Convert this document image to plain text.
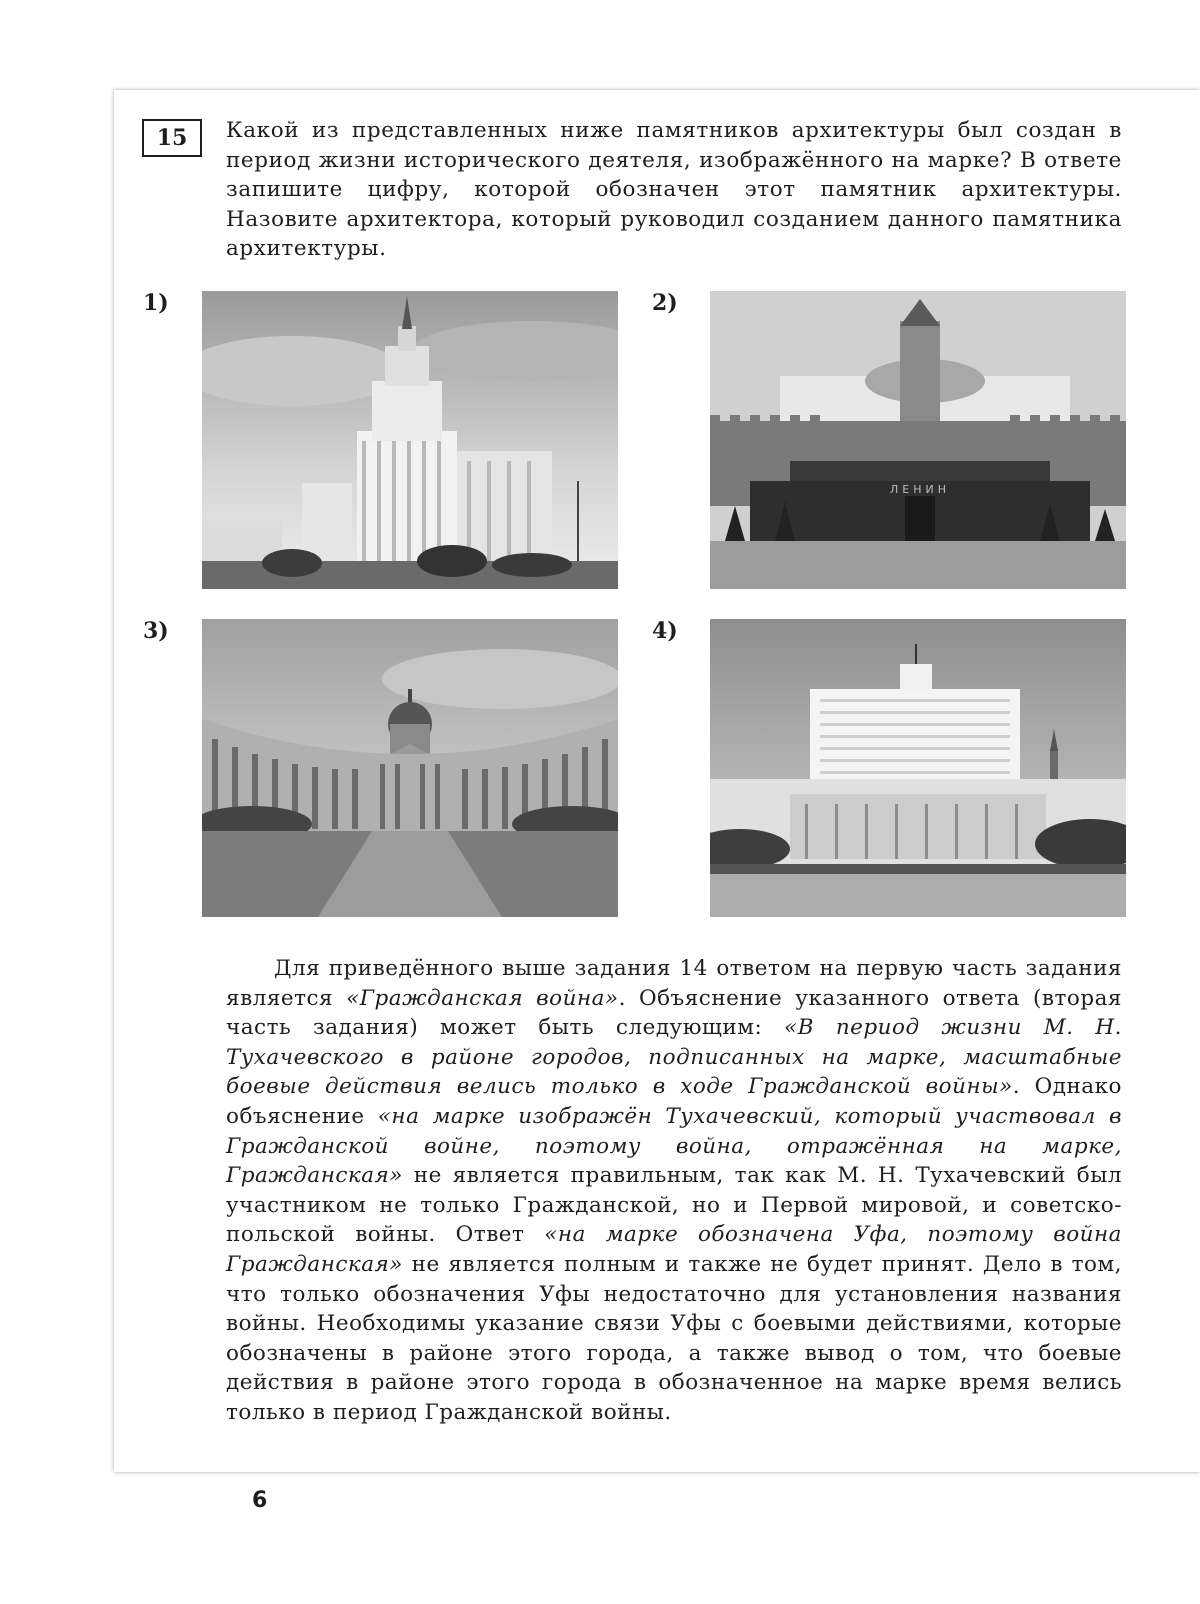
15 Какой из представленных ниже памятников архитектуры был создан в период жизни исторического деятеля, изображённого на марке? В ответе запишите цифру, которой обозначен этот памятник архитектуры. Назовите архитектора, который руководил созданием данного памятника архитектуры.

1)	2)
ЛЕНИН
3)	4)

Для приведённого выше задания 14 ответом на первую часть задания является «Гражданская война». Объяснение указанного ответа (вторая часть задания) может быть следующим: «В период жизни М. Н. Тухачевского в районе городов, подписанных на марке, масштабные боевые действия велись только в ходе Гражданской войны». Однако объяснение «на марке изображён Тухачевский, который участвовал в Гражданской войне, поэтому война, отражённая на марке, Гражданская» не является правильным, так как М. Н. Тухачевский был участником не только Гражданской, но и Первой мировой, и советско-польской войны. Ответ «на марке обозначена Уфа, поэтому война Гражданская» не является полным и также не будет принят. Дело в том, что только обозначения Уфы недостаточно для установления названия войны. Необходимы указание связи Уфы с боевыми действиями, которые обозначены в районе этого города, а также вывод о том, что боевые действия в районе этого города в обозначенное на марке время велись только в период Гражданской войны.

6
